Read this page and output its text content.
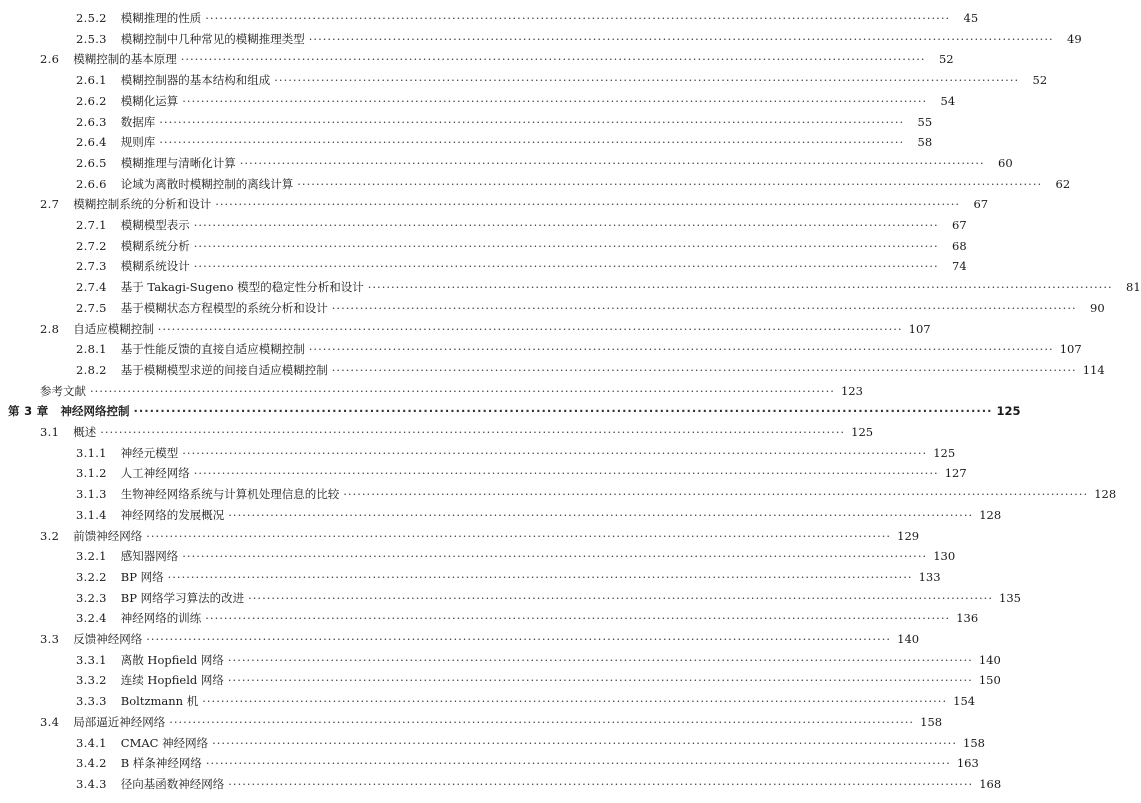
2.5.2 模糊推理的性质 ································································································································································	45
2.5.3 模糊控制中几种常见的模糊推理类型 ································································································································································	49
2.6 模糊控制的基本原理 ································································································································································	52
2.6.1 模糊控制器的基本结构和组成 ································································································································································	52
2.6.2 模糊化运算 ································································································································································	54
2.6.3 数据库 ································································································································································	55
2.6.4 规则库 ································································································································································	58
2.6.5 模糊推理与清晰化计算 ································································································································································	60
2.6.6 论域为离散时模糊控制的离线计算 ································································································································································	62
2.7 模糊控制系统的分析和设计 ································································································································································	67
2.7.1 模糊模型表示 ································································································································································	67
2.7.2 模糊系统分析 ································································································································································	68
2.7.3 模糊系统设计 ································································································································································	74
2.7.4 基于 Takagi-Sugeno 模型的稳定性分析和设计 ································································································································································	81
2.7.5 基于模糊状态方程模型的系统分析和设计 ································································································································································	90
2.8 自适应模糊控制 ································································································································································ 107
2.8.1 基于性能反馈的直接自适应模糊控制 ································································································································································ 107
2.8.2 基于模糊模型求逆的间接自适应模糊控制 ································································································································································ 114
参考文献 ································································································································································ 123
第 3 章 神经网络控制 ································································································································································ 125
3.1 概述 ································································································································································ 125
3.1.1 神经元模型 ································································································································································ 125
3.1.2 人工神经网络 ································································································································································ 127
3.1.3 生物神经网络系统与计算机处理信息的比较 ································································································································································ 128
3.1.4 神经网络的发展概况 ································································································································································ 128
3.2 前馈神经网络 ································································································································································ 129
3.2.1 感知器网络 ································································································································································ 130
3.2.2 BP 网络 ································································································································································ 133
3.2.3 BP 网络学习算法的改进 ································································································································································ 135
3.2.4 神经网络的训练 ································································································································································ 136
3.3 反馈神经网络 ································································································································································ 140
3.3.1 离散 Hopfield 网络 ································································································································································ 140
3.3.2 连续 Hopfield 网络 ································································································································································ 150
3.3.3 Boltzmann 机 ································································································································································ 154
3.4 局部逼近神经网络 ································································································································································ 158
3.4.1 CMAC 神经网络 ································································································································································ 158
3.4.2 B 样条神经网络 ································································································································································ 163
3.4.3 径向基函数神经网络 ································································································································································ 168
